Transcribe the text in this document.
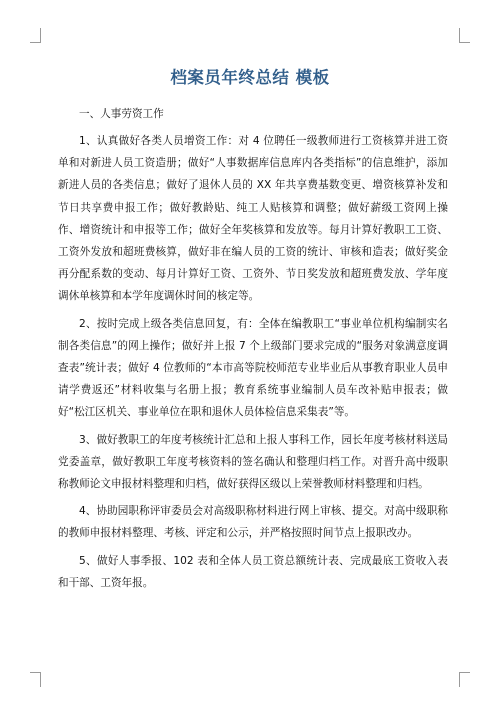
档案员年终总结 模板

一、人事劳资工作

1、认真做好各类人员增资工作：对 4 位聘任一级教师进行工资核算并进工资单和对新进人员工资造册；做好“人事数据库信息库内各类指标”的信息维护，添加新进人员的各类信息；做好了退休人员的 XX 年共享费基数变更、增资核算补发和节日共享费申报工作；做好教龄贴、纯工人贴核算和调整；做好薪级工资网上操作、增资统计和申报等工作；做好全年奖核算和发放等。每月计算好教职工工资、工资外发放和超班费核算，做好非在编人员的工资的统计、审核和造表；做好奖金再分配系数的变动、每月计算好工资、工资外、节日奖发放和超班费发放、学年度调休单核算和本学年度调休时间的核定等。

2、按时完成上级各类信息回复，有：全体在编教职工“事业单位机构编制实名制各类信息”的网上操作；做好并上报 7 个上级部门要求完成的“服务对象满意度调查表”统计表；做好 4 位教师的“本市高等院校师范专业毕业后从事教育职业人员申请学费返还”材料收集与名册上报；教育系统事业编制人员车改补贴申报表；做好“松江区机关、事业单位在职和退休人员体检信息采集表”等。

3、做好教职工的年度考核统计汇总和上报人事科工作，园长年度考核材料送局党委盖章，做好教职工年度考核资料的签名确认和整理归档工作。对晋升高中级职称教师论文申报材料整理和归档，做好获得区级以上荣誉教师材料整理和归档。

4、协助园职称评审委员会对高级职称材料进行网上审核、提交。对高中级职称的教师申报材料整理、考核、评定和公示，并严格按照时间节点上报职改办。

5、做好人事季报、102 表和全体人员工资总额统计表、完成最底工资收入表和干部、工资年报。
